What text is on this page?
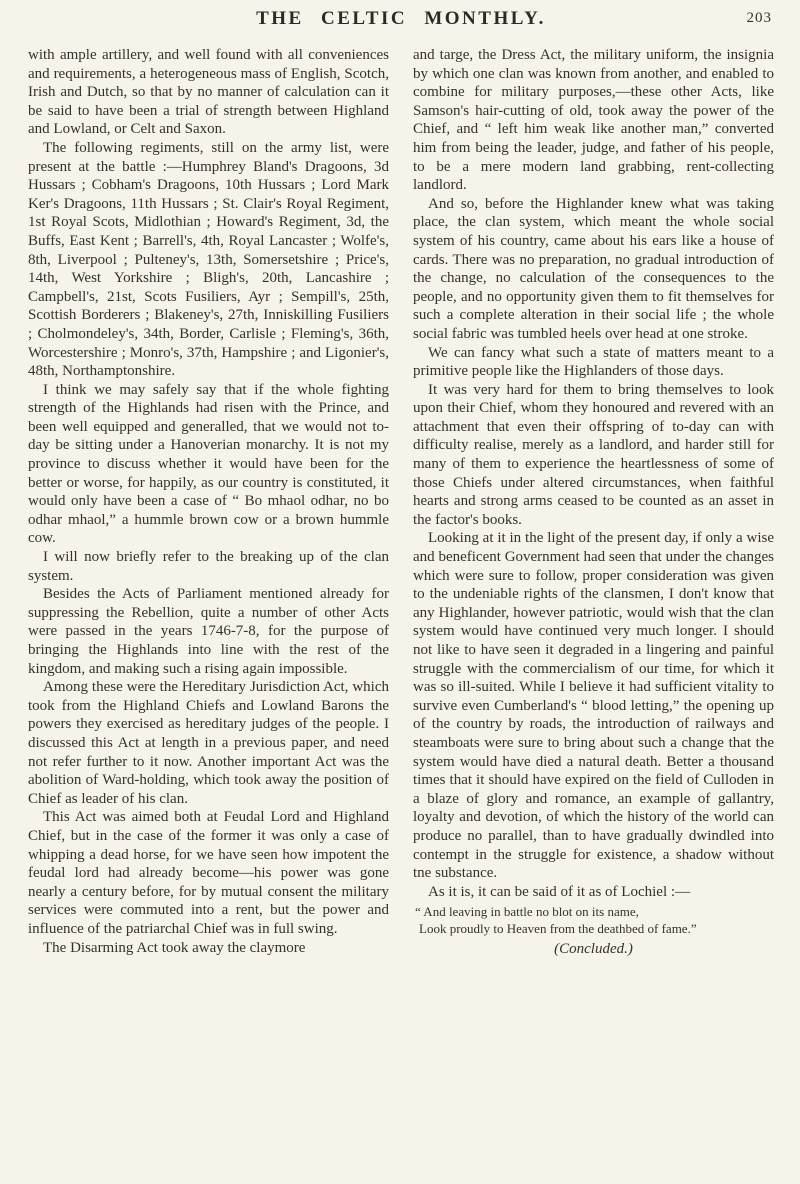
THE CELTIC MONTHLY.	203

with ample artillery, and well found with all conveniences and requirements, a heterogeneous mass of English, Scotch, Irish and Dutch, so that by no manner of calculation can it be said to have been a trial of strength between Highland and Lowland, or Celt and Saxon.

The following regiments, still on the army list, were present at the battle :—Humphrey Bland's Dragoons, 3d Hussars ; Cobham's Dragoons, 10th Hussars ; Lord Mark Ker's Dragoons, 11th Hussars ; St. Clair's Royal Regiment, 1st Royal Scots, Midlothian ; Howard's Regiment, 3d, the Buffs, East Kent ; Barrell's, 4th, Royal Lancaster ; Wolfe's, 8th, Liverpool ; Pulteney's, 13th, Somersetshire ; Price's, 14th, West Yorkshire ; Bligh's, 20th, Lancashire ; Campbell's, 21st, Scots Fusiliers, Ayr ; Sempill's, 25th, Scottish Borderers ; Blakeney's, 27th, Inniskilling Fusiliers ; Cholmondeley's, 34th, Border, Carlisle ; Fleming's, 36th, Worcestershire ; Monro's, 37th, Hampshire ; and Ligonier's, 48th, Northamptonshire.

I think we may safely say that if the whole fighting strength of the Highlands had risen with the Prince, and been well equipped and generalled, that we would not to-day be sitting under a Hanoverian monarchy. It is not my province to discuss whether it would have been for the better or worse, for happily, as our country is constituted, it would only have been a case of “ Bo mhaol odhar, no bo odhar mhaol,” a hummle brown cow or a brown hummle cow.

I will now briefly refer to the breaking up of the clan system.

Besides the Acts of Parliament mentioned already for suppressing the Rebellion, quite a number of other Acts were passed in the years 1746-7-8, for the purpose of bringing the Highlands into line with the rest of the kingdom, and making such a rising again impossible.

Among these were the Hereditary Jurisdiction Act, which took from the Highland Chiefs and Lowland Barons the powers they exercised as hereditary judges of the people. I discussed this Act at length in a previous paper, and need not refer further to it now. Another important Act was the abolition of Ward-holding, which took away the position of Chief as leader of his clan.

This Act was aimed both at Feudal Lord and Highland Chief, but in the case of the former it was only a case of whipping a dead horse, for we have seen how impotent the feudal lord had already become—his power was gone nearly a century before, for by mutual consent the military services were commuted into a rent, but the power and influence of the patriarchal Chief was in full swing.

The Disarming Act took away the claymore

and targe, the Dress Act, the military uniform, the insignia by which one clan was known from another, and enabled to combine for military purposes,—these other Acts, like Samson's hair-cutting of old, took away the power of the Chief, and “ left him weak like another man,” converted him from being the leader, judge, and father of his people, to be a mere modern land grabbing, rent-collecting landlord.

And so, before the Highlander knew what was taking place, the clan system, which meant the whole social system of his country, came about his ears like a house of cards. There was no preparation, no gradual introduction of the change, no calculation of the consequences to the people, and no opportunity given them to fit themselves for such a complete alteration in their social life ; the whole social fabric was tumbled heels over head at one stroke.

We can fancy what such a state of matters meant to a primitive people like the Highlanders of those days.

It was very hard for them to bring themselves to look upon their Chief, whom they honoured and revered with an attachment that even their offspring of to-day can with difficulty realise, merely as a landlord, and harder still for many of them to experience the heartlessness of some of those Chiefs under altered circumstances, when faithful hearts and strong arms ceased to be counted as an asset in the factor's books.

Looking at it in the light of the present day, if only a wise and beneficent Government had seen that under the changes which were sure to follow, proper consideration was given to the undeniable rights of the clansmen, I don't know that any Highlander, however patriotic, would wish that the clan system would have continued very much longer. I should not like to have seen it degraded in a lingering and painful struggle with the commercialism of our time, for which it was so ill-suited. While I believe it had sufficient vitality to survive even Cumberland's “ blood letting,” the opening up of the country by roads, the introduction of railways and steamboats were sure to bring about such a change that the system would have died a natural death. Better a thousand times that it should have expired on the field of Culloden in a blaze of glory and romance, an example of gallantry, loyalty and devotion, of which the history of the world can produce no parallel, than to have gradually dwindled into contempt in the struggle for existence, a shadow without tne substance.

As it is, it can be said of it as of Lochiel :—

“ And leaving in battle no blot on its name,
Look proudly to Heaven from the deathbed of fame.”

(Concluded.)
